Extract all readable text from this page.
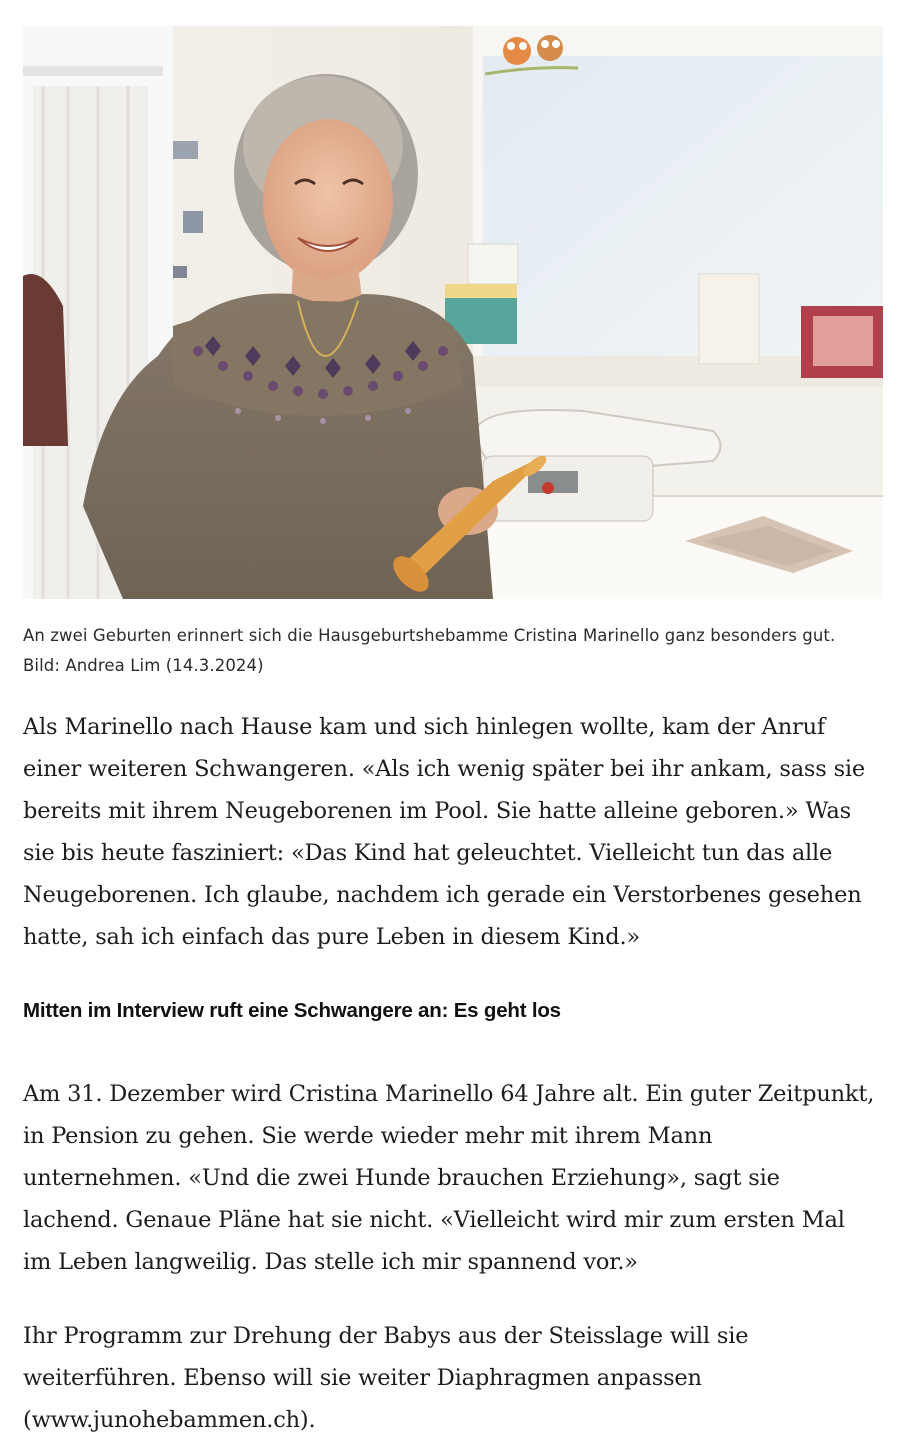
An zwei Geburten erinnert sich die Hausgeburtshebamme Cristina Marinello ganz besonders gut.

Bild: Andrea Lim (14.3.2024)

Als Marinello nach Hause kam und sich hinlegen wollte, kam der Anruf
einer weiteren Schwangeren. «Als ich wenig später bei ihr ankam, sass sie
bereits mit ihrem Neugeborenen im Pool. Sie hatte alleine geboren.» Was
sie bis heute fasziniert: «Das Kind hat geleuchtet. Vielleicht tun das alle
Neugeborenen. Ich glaube, nachdem ich gerade ein Verstorbenes gesehen
hatte, sah ich einfach das pure Leben in diesem Kind.»
Mitten im Interview ruft eine Schwangere an: Es geht los
Am 31. Dezember wird Cristina Marinello 64 Jahre alt. Ein guter Zeitpunkt,
in Pension zu gehen. Sie werde wieder mehr mit ihrem Mann
unternehmen. «Und die zwei Hunde brauchen Erziehung», sagt sie
lachend. Genaue Pläne hat sie nicht. «Vielleicht wird mir zum ersten Mal
im Leben langweilig. Das stelle ich mir spannend vor.»
Ihr Programm zur Drehung der Babys aus der Steisslage will sie
weiterführen. Ebenso will sie weiter Diaphragmen anpassen
(www.junohebammen.ch).
